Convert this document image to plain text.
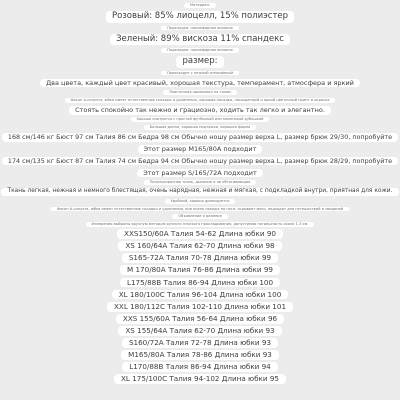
Материал:
Розовый: 85% лиоцелл, 15% полиэстер
Подкладка: полиэфирное волокно
Зеленый: 89% вискоза 11% спандекс
Подкладка: полиэфирное волокно
размер:
Происходит с нежной атмосферой
Два цвета, каждый цвет красивый, хорошая текстура, темперамент, атмосфера и яркий
Эластичная проволока на талии
Фасон А-силуэта, юбка имеет естественные складки и удлинения, хорошая посадка, насыщенный и яркий цветочный принт и окраска
Стоять спокойно так нежно и грациозно, ходить так легко и элегантно.
Хорошо смотрится с простой футболкой или маленькой рубашкой
Большая длина, хорошая подтяжка, хорошая форма
168 см/146 кг Бюст 97 см Талия 86 см Бедра 98 см Обычно ношу размер верха L, размер брюк 29/30, попробуйте
Этот размер M165/80A подходит
174 см/135 кг Бюст 87 см Талия 74 см Бедра 94 см Обычно ношу размер верха L, размер брюк 28/29, попробуйте
Этот размер S/165/72A подходит
Полупрозрачная ткань, дыхание и не обтягивающая
Ткань легкая, нежная и немного блестящая, очень нарядная, нежная и мягкая, с подкладкой внутри, приятная для кожи.
Удобный, хорошо драпируется
Фасон А-силуэта, юбка имеет естественные складки и удлинения, она очень похожа на ноги, скрывает мясо, подходит для путешествий и свиданий
Объявление о размере
Измерения выбраны вручную методом ручного плоского прокладывания, допустимая погрешность около 1-3 см.
XXS150/60A Талия 54-62 Длина юбки 90
XS 160/64A Талия 62-70 Длина юбки 98
S165-72A Талия 70-78 Длина юбки 99
M 170/80A Талия 76-86 Длина юбки 99
L175/88B Талия 86-94 Длина юбки 100
XL 180/100C Талия 96-104 Длина юбки 100
XXL 180/112C Талия 102-110 Длина юбки 101
XXS 155/60A Талия 56-64 Длина юбки 96
XS 155/64A Талия 62-70 Длина юбки 93
S160/72A Талия 72-78 Длина юбки 93
M165/80A Талия 78-86 Длина юбки 93
L170/88B Талия 86-94 Длина юбки 94
XL 175/100C Талия 94-102 Длина юбки 95
